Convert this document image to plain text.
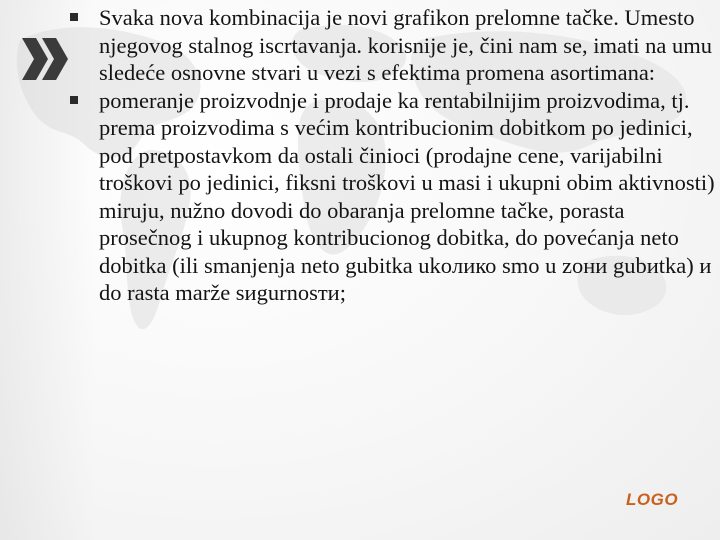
Svaka nova kombinacija je novi grafikon prelomne tačke. Umesto njegovog stalnog iscrtavanja. korisnije je, čini nam se, imati na umu sledeće osnovne stvari u vezi s efektima promena asortimana:
pomeranje proizvodnje i prodaje ka rentabilnijim proizvodima, tj. prema proizvodima s većim kontribucionim dobitkom po jedinici, pod pretpostavkom da ostali činioci (prodajne cene, varijabilni troškovi po jedinici, fiksni troškovi u masi i ukupni obim aktivnosti) miruju, nužno dovodi do obaranja prelomne tačke, porasta prosečnog i ukupnog kontribucionog dobitka, do povećanja neto dobitka (ili smanjenja neto gubitka ukoлико smo u zoни gubиtka) и do rasta marže sиgurnosти;
LOGO
